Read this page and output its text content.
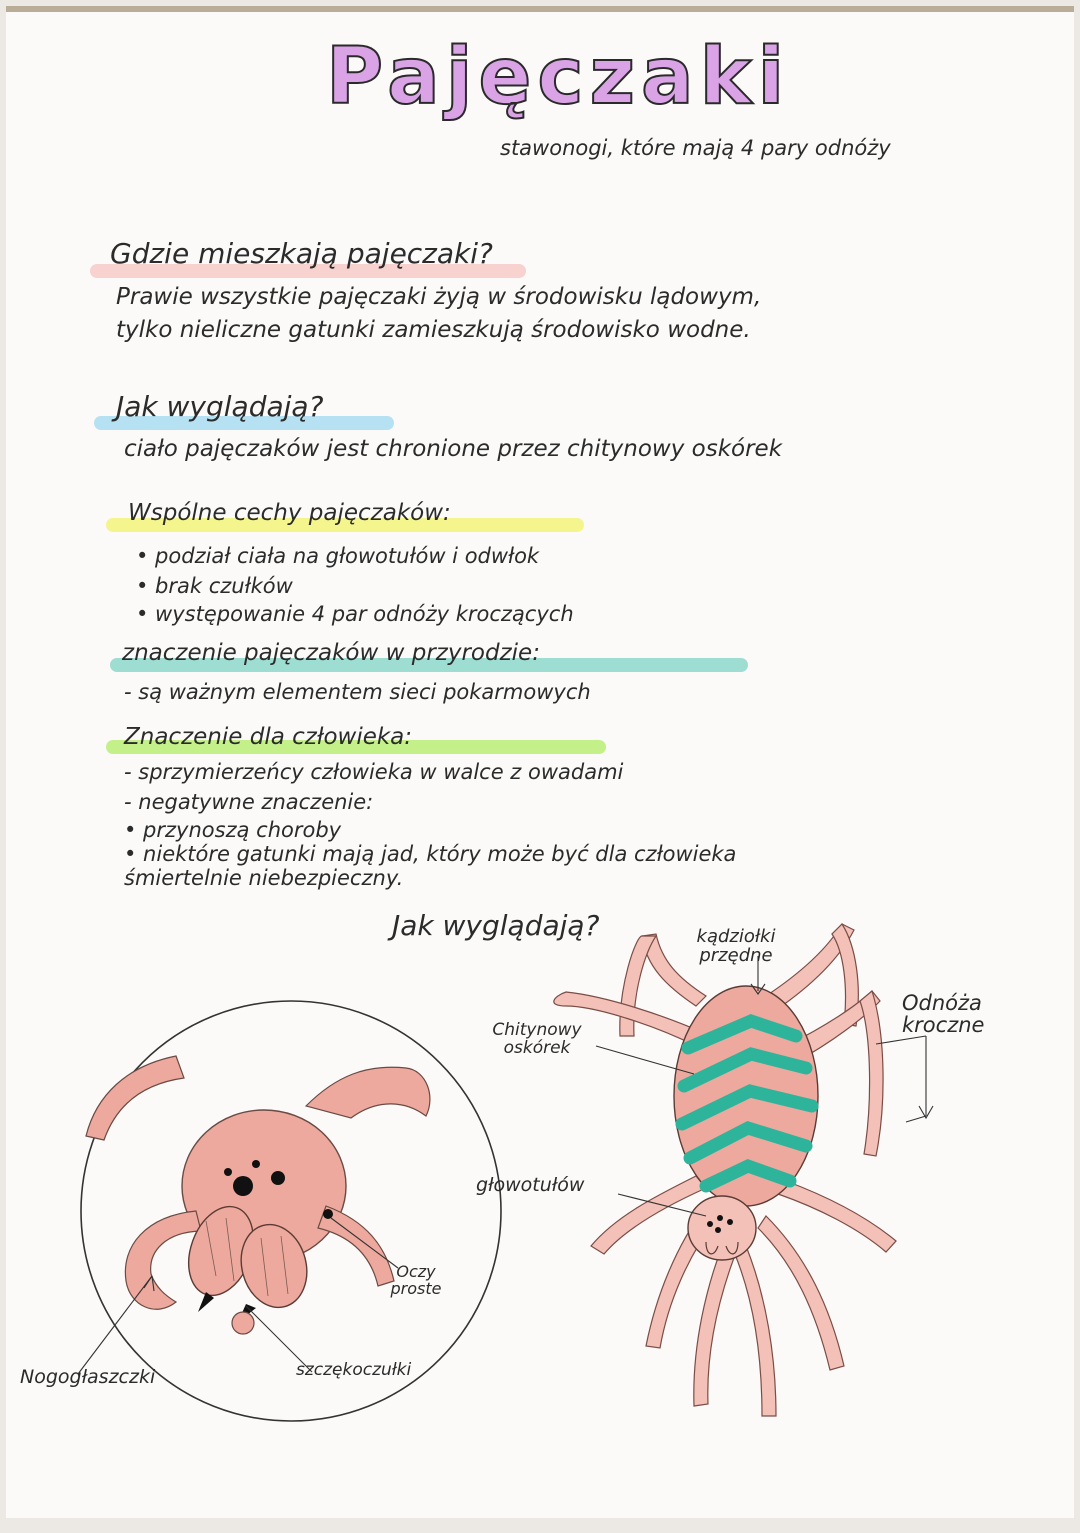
Pajęczaki
stawonogi, które mają 4 pary odnóży
Gdzie mieszkają pajęczaki?
Prawie wszystkie pajęczaki żyją w środowisku lądowym,
tylko nieliczne gatunki zamieszkują środowisko wodne.
Jak wyglądają?
ciało pajęczaków jest chronione przez chitynowy oskórek
Wspólne cechy pajęczaków:
• podział ciała na głowotułów i odwłok
• brak czułków
• występowanie 4 par odnóży kroczących
znaczenie pajęczaków w przyrodzie:
- są ważnym elementem sieci pokarmowych
Znaczenie dla człowieka:
- sprzymierzeńcy człowieka w walce z owadami
- negatywne znaczenie:
• przynoszą choroby
• niektóre gatunki mają jad, który może być dla człowieka
śmiertelnie niebezpieczny.
Jak wyglądają?	kądziołki przędne
Odnóża kroczne
Chitynowy oskórek
głowotułów
Oczy proste
Nogogłaszczki	szczękoczułki
